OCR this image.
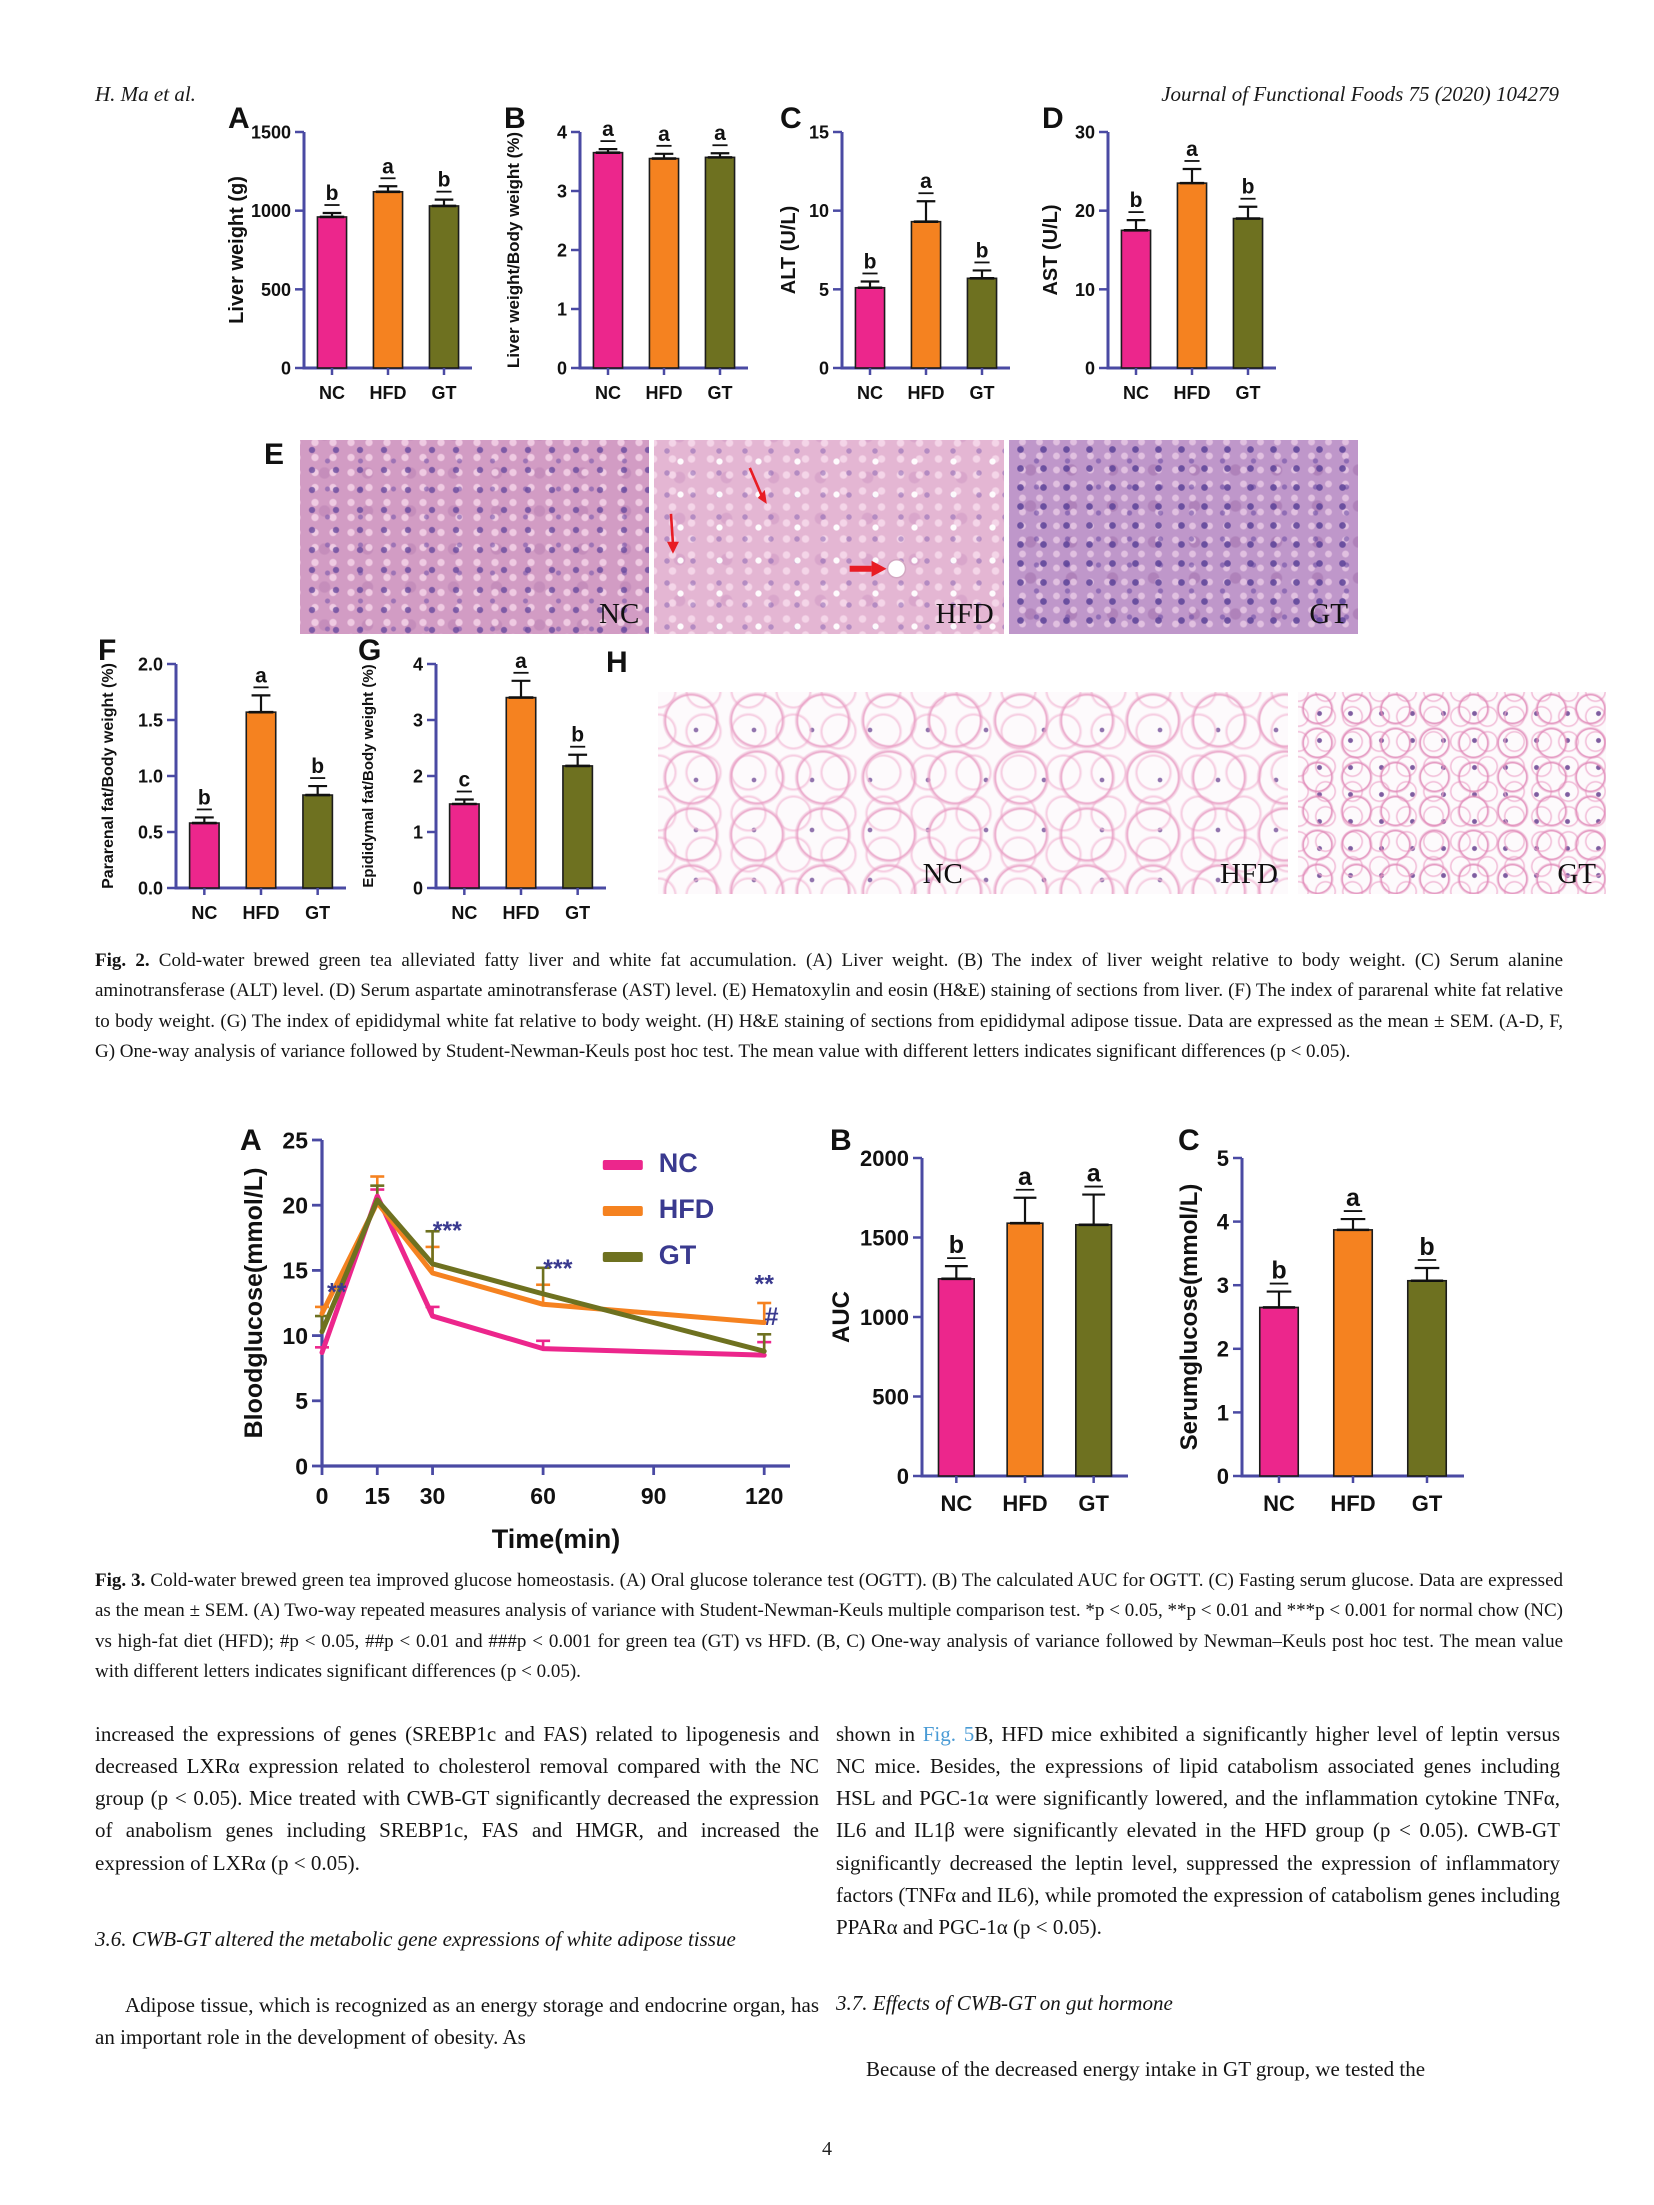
H. Ma et al.	Journal of Functional Foods 75 (2020) 104279
A
0
500
1000
1500
b
NC
a
HFD
b
GT
Liver weight (g)
B
0
1
2
3
4 a
NC
a
HFD
a
GT
Liver weight/Body weight (%)
C
0
5
10
15
b
NC
a
HFD
b
GT
ALT (U/L)
D
0
10
20
30
b
NC
a
HFD
b
GT
AST (U/L)
E
NC	HFD	GT
F
0.0
0.5
1.0
1.5
2.0
b
NC
a
HFD
b
GT
Pararenal fat/Body weight (%)
G
0
1
2
3
4
c
NC
a
HFD
b
GT
Epididymal fat/Body weight (%)
H
NC	HFD	GT
Fig. 2. Cold-water brewed green tea alleviated fatty liver and white fat accumulation. (A) Liver weight. (B) The index of liver weight relative to body weight. (C) Serum alanine aminotransferase (ALT) level. (D) Serum aspartate aminotransferase (AST) level. (E) Hematoxylin and eosin (H&E) staining of sections from liver. (F) The index of pararenal white fat relative to body weight. (G) The index of epididymal white fat relative to body weight. (H) H&E staining of sections from epididymal adipose tissue. Data are expressed as the mean ± SEM. (A-D, F, G) One-way analysis of variance followed by Student-Newman-Keuls post hoc test. The mean value with different letters indicates significant differences (p < 0.05).
A
0
5
10
15
20
25
0 15 30	60	90	120
NC
HFD
GT
**
***
***
**
#
Time(min)
Bloodglucose(mmol/L)
B
0
500
1000
1500
2000
b
NC
a
HFD
a
GT
AUC
C
0
1
2
3
4
5
b
NC
a
HFD
b
GT
Serumglucose(mmol/L)
Fig. 3. Cold-water brewed green tea improved glucose homeostasis. (A) Oral glucose tolerance test (OGTT). (B) The calculated AUC for OGTT. (C) Fasting serum glucose. Data are expressed as the mean ± SEM. (A) Two-way repeated measures analysis of variance with Student-Newman-Keuls multiple comparison test. *p < 0.05, **p < 0.01 and ***p < 0.001 for normal chow (NC) vs high-fat diet (HFD); #p < 0.05, ##p < 0.01 and ###p < 0.001 for green tea (GT) vs HFD. (B, C) One-way analysis of variance followed by Newman–Keuls post hoc test. The mean value with different letters indicates significant differences (p < 0.05).

increased the expressions of genes (SREBP1c and FAS) related to lipogenesis and decreased LXRα expression related to cholesterol removal compared with the NC group (p < 0.05). Mice treated with CWB-GT significantly decreased the expression of anabolism genes including SREBP1c, FAS and HMGR, and increased the expression of LXRα (p < 0.05).

3.6. CWB-GT altered the metabolic gene expressions of white adipose tissue

Adipose tissue, which is recognized as an energy storage and endocrine organ, has an important role in the development of obesity. As

shown in Fig. 5B, HFD mice exhibited a significantly higher level of leptin versus NC mice. Besides, the expressions of lipid catabolism associated genes including HSL and PGC-1α were significantly lowered, and the inflammation cytokine TNFα, IL6 and IL1β were significantly elevated in the HFD group (p < 0.05). CWB-GT significantly decreased the leptin level, suppressed the expression of inflammatory factors (TNFα and IL6), while promoted the expression of catabolism genes including PPARα and PGC-1α (p < 0.05).

3.7. Effects of CWB-GT on gut hormone

Because of the decreased energy intake in GT group, we tested the

4
